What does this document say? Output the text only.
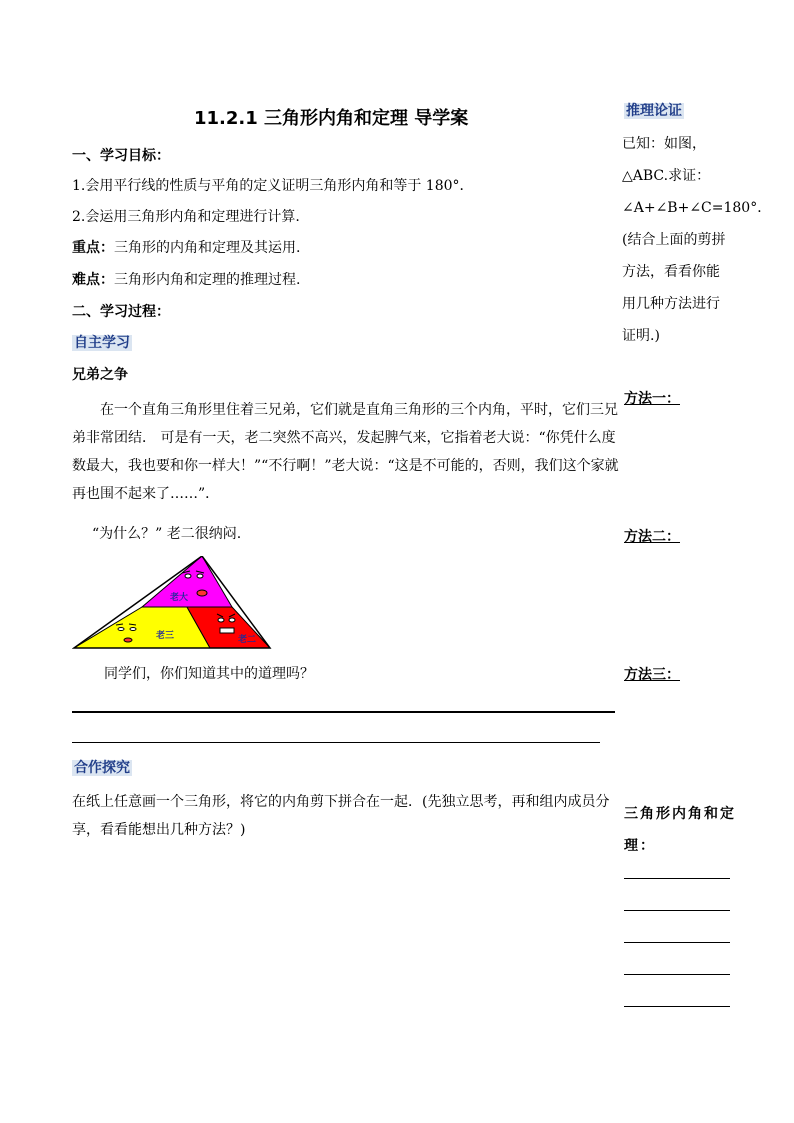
11.2.1 三角形内角和定理 导学案
一、学习目标：
1.会用平行线的性质与平角的定义证明三角形内角和等于 180°．
2.会运用三角形内角和定理进行计算.
重点：三角形的内角和定理及其运用.
难点：三角形内角和定理的推理过程.
二、学习过程：
自主学习
兄弟之争
在一个直角三角形里住着三兄弟，它们就是直角三角形的三个内角，平时，它们三兄弟非常团结． 可是有一天，老二突然不高兴，发起脾气来，它指着老大说：“你凭什么度数最大，我也要和你一样大！”“不行啊！”老大说：“这是不可能的，否则，我们这个家就再也围不起来了……”．
“为什么？” 老二很纳闷.
老大
老三	老二
同学们，你们知道其中的道理吗？
合作探究
在纸上任意画一个三角形，将它的内角剪下拼合在一起．(先独立思考，再和组内成员分享，看看能想出几种方法？)
推理论证
已知：如图，△ABC.求证：∠A+∠B+∠C=180°．(结合上面的剪拼方法，看看你能用几种方法进行证明.)
方法一：
方法二：
方法三：
三角形内角和定理：
